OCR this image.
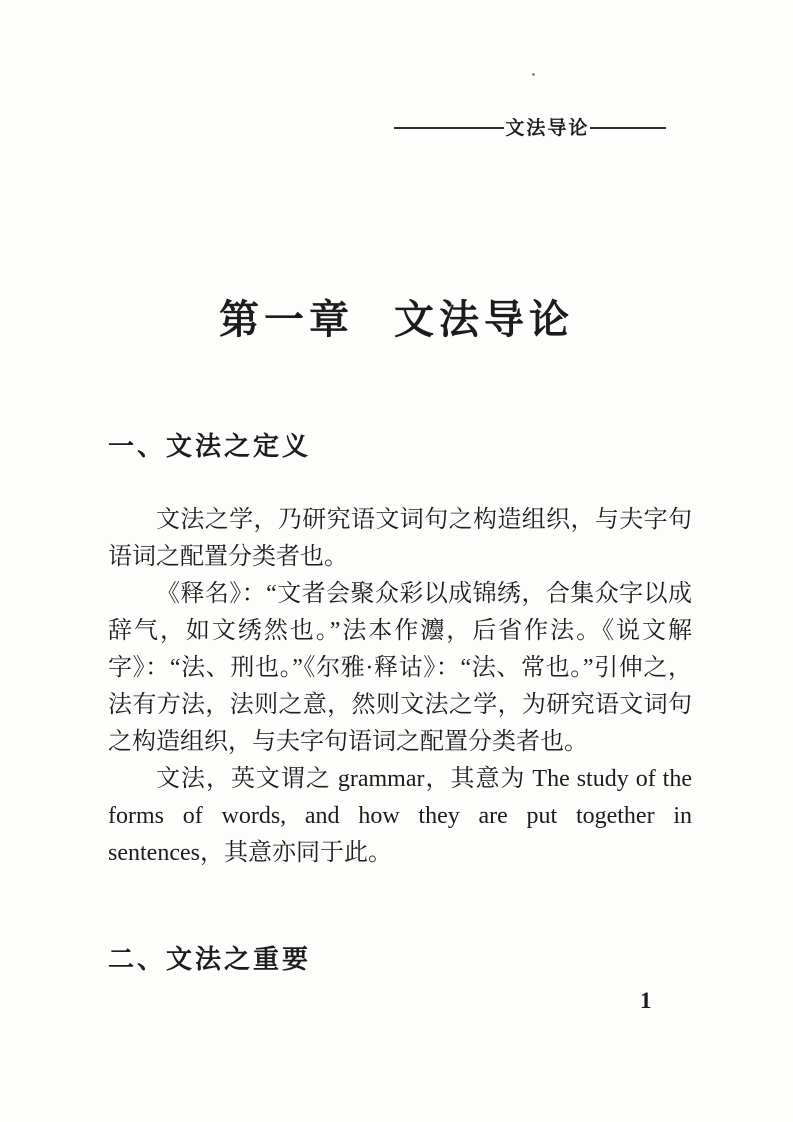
文法导论
第一章 文法导论
一、文法之定义

文法之学，乃研究语文词句之构造组织，与夫字句语词之配置分类者也。

《释名》：“文者会聚众彩以成锦绣，合集众字以成辞气，如文绣然也。”法本作灋，后省作法。《说文解字》：“法、刑也。”《尔雅·释诂》：“法、常也。”引伸之，法有方法，法则之意，然则文法之学，为研究语文词句之构造组织，与夫字句语词之配置分类者也。

文法，英文谓之 grammar，其意为 The study of the forms of words, and how they are put together in sentences，其意亦同于此。

二、文法之重要
1
